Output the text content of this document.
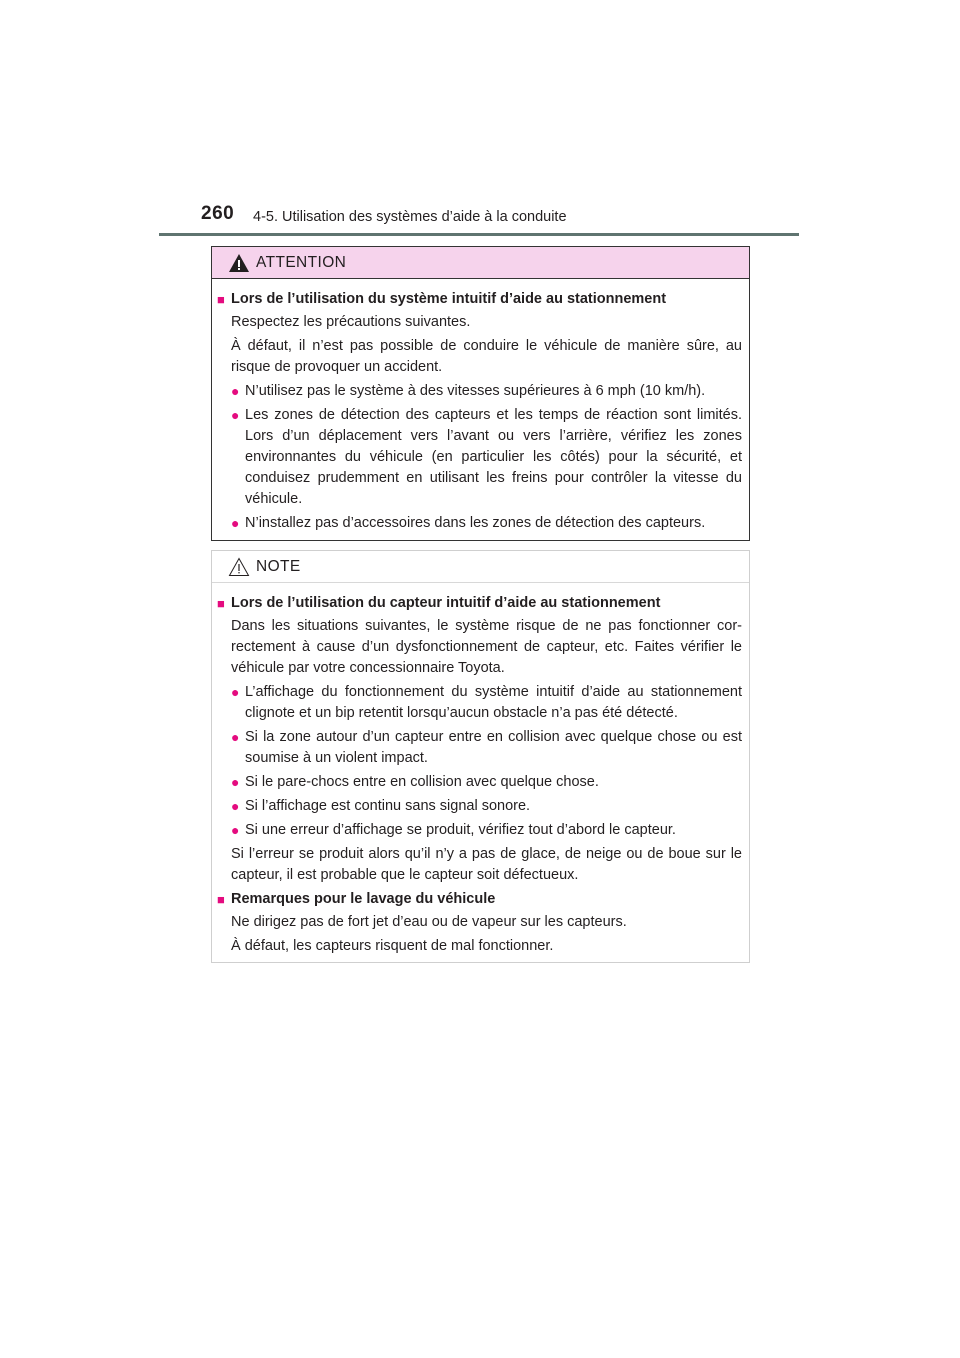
260 4-5. Utilisation des systèmes d’aide à la conduite
ATTENTION
■ Lors de l’utilisation du système intuitif d’aide au stationnement
Respectez les précautions suivantes.
À défaut, il n’est pas possible de conduire le véhicule de manière sûre, au risque de provoquer un accident.
● N’utilisez pas le système à des vitesses supérieures à 6 mph (10 km/h).
● Les zones de détection des capteurs et les temps de réaction sont limités. Lors d’un déplacement vers l’avant ou vers l’arrière, vérifiez les zones environnantes du véhicule (en particulier les côtés) pour la sécurité, et conduisez prudemment en utilisant les freins pour contrôler la vitesse du véhicule.
● N’installez pas d’accessoires dans les zones de détection des capteurs.
NOTE
■ Lors de l’utilisation du capteur intuitif d’aide au stationnement
Dans les situations suivantes, le système risque de ne pas fonctionner cor-rectement à cause d’un dysfonctionnement de capteur, etc. Faites vérifier le véhicule par votre concessionnaire Toyota.
● L’affichage du fonctionnement du système intuitif d’aide au stationnement clignote et un bip retentit lorsqu’aucun obstacle n’a pas été détecté.
● Si la zone autour d’un capteur entre en collision avec quelque chose ou est soumise à un violent impact.
● Si le pare-chocs entre en collision avec quelque chose.
● Si l’affichage est continu sans signal sonore.
● Si une erreur d’affichage se produit, vérifiez tout d’abord le capteur.
Si l’erreur se produit alors qu’il n’y a pas de glace, de neige ou de boue sur le capteur, il est probable que le capteur soit défectueux.
■ Remarques pour le lavage du véhicule
Ne dirigez pas de fort jet d’eau ou de vapeur sur les capteurs.
À défaut, les capteurs risquent de mal fonctionner.
